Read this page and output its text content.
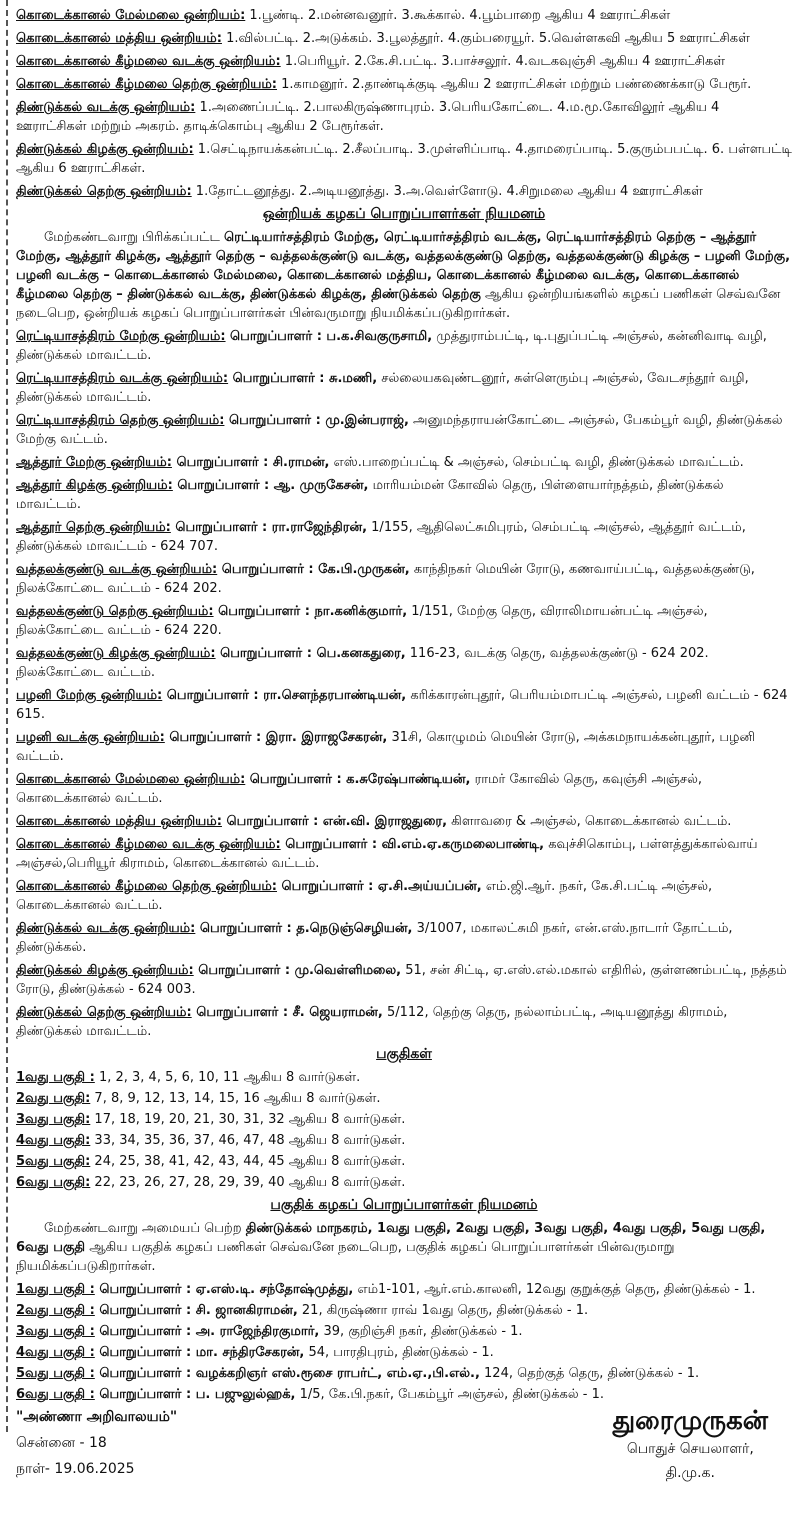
கொடைக்கானல் மேல்மலை ஒன்றியம்: 1.பூண்டி. 2.மன்னவனூர். 3.கூக்கால். 4.பூம்பாறை ஆகிய 4 ஊராட்சிகள்

கொடைக்கானல் மத்திய ஒன்றியம்: 1.வில்பட்டி. 2.அடுக்கம். 3.பூலத்தூர். 4.கும்பரையூர். 5.வெள்ளகவி ஆகிய 5 ஊராட்சிகள்

கொடைக்கானல் கீழ்மலை வடக்கு ஒன்றியம்: 1.பெரியூர். 2.கே.சி.பட்டி. 3.பாச்சலூர். 4.வடகவுஞ்சி ஆகிய 4 ஊராட்சிகள்

கொடைக்கானல் கீழ்மலை தெற்கு ஒன்றியம்: 1.காமனூர். 2.தாண்டிக்குடி ஆகிய 2 ஊராட்சிகள் மற்றும் பண்ணைக்காடு பேரூர்.

திண்டுக்கல் வடக்கு ஒன்றியம்: 1.அணைப்பட்டி. 2.பாலகிருஷ்ணாபுரம். 3.பெரியகோட்டை. 4.ம.மூ.கோவிலூர் ஆகிய 4 ஊராட்சிகள் மற்றும் அகரம். தாடிக்கொம்பு ஆகிய 2 பேரூர்கள்.

திண்டுக்கல் கிழக்கு ஒன்றியம்: 1.செட்டிநாயக்கன்பட்டி. 2.சீலப்பாடி. 3.முள்ளிப்பாடி. 4.தாமரைப்பாடி. 5.குரும்பபட்டி. 6. பள்ளபட்டி ஆகிய 6 ஊராட்சிகள்.

திண்டுக்கல் தெற்கு ஒன்றியம்: 1.தோட்டனூத்து. 2.அடியனூத்து. 3.அ.வெள்ளோடு. 4.சிறுமலை ஆகிய 4 ஊராட்சிகள்

ஒன்றியக் கழகப் பொறுப்பாளர்கள் நியமனம்

மேற்கண்டவாறு பிரிக்கப்பட்ட ரெட்டியார்சத்திரம் மேற்கு, ரெட்டியார்சத்திரம் வடக்கு, ரெட்டியார்சத்திரம் தெற்கு – ஆத்தூர் மேற்கு, ஆத்தூர் கிழக்கு, ஆத்தூர் தெற்கு – வத்தலக்குண்டு வடக்கு, வத்தலக்குண்டு தெற்கு, வத்தலக்குண்டு கிழக்கு – பழனி மேற்கு, பழனி வடக்கு – கொடைக்கானல் மேல்மலை, கொடைக்கானல் மத்திய, கொடைக்கானல் கீழ்மலை வடக்கு, கொடைக்கானல் கீழ்மலை தெற்கு – திண்டுக்கல் வடக்கு, திண்டுக்கல் கிழக்கு, திண்டுக்கல் தெற்கு ஆகிய ஒன்றியங்களில் கழகப் பணிகள் செவ்வனே நடைபெற, ஒன்றியக் கழகப் பொறுப்பாளர்கள் பின்வருமாறு நியமிக்கப்படுகிறார்கள்.

ரெட்டியாசத்திரம் மேற்கு ஒன்றியம்: பொறுப்பாளர் : ப.க.சிவகுருசாமி, முத்துராம்பட்டி, டி.புதுப்பட்டி அஞ்சல், கன்னிவாடி வழி, திண்டுக்கல் மாவட்டம்.

ரெட்டியாசத்திரம் வடக்கு ஒன்றியம்: பொறுப்பாளர் : சு.மணி, சல்லையகவுண்டனூர், சுள்ளெரும்பு அஞ்சல், வேடசந்தூர் வழி, திண்டுக்கல் மாவட்டம்.

ரெட்டியாசத்திரம் தெற்கு ஒன்றியம்: பொறுப்பாளர் : மு.இன்பராஜ், அனுமந்தராயன்கோட்டை அஞ்சல், பேகம்பூர் வழி, திண்டுக்கல் மேற்கு வட்டம்.

ஆத்தூர் மேற்கு ஒன்றியம்: பொறுப்பாளர் : சி.ராமன், எஸ்.பாறைப்பட்டி & அஞ்சல், செம்பட்டி வழி, திண்டுக்கல் மாவட்டம்.

ஆத்தூர் கிழக்கு ஒன்றியம்: பொறுப்பாளர் : ஆ. முருகேசன், மாரியம்மன் கோவில் தெரு, பிள்ளையார்நத்தம், திண்டுக்கல் மாவட்டம்.

ஆத்தூர் தெற்கு ஒன்றியம்: பொறுப்பாளர் : ரா.ராஜேந்திரன், 1/155, ஆதிலெட்சுமிபுரம், செம்பட்டி அஞ்சல், ஆத்தூர் வட்டம், திண்டுக்கல் மாவட்டம் - 624 707.

வத்தலக்குண்டு வடக்கு ஒன்றியம்: பொறுப்பாளர் : கே.பி.முருகன், காந்திநகர் மெயின் ரோடு, கணவாய்பட்டி, வத்தலக்குண்டு, நிலக்கோட்டை வட்டம் - 624 202.

வத்தலக்குண்டு தெற்கு ஒன்றியம்: பொறுப்பாளர் : நா.கனிக்குமார், 1/151, மேற்கு தெரு, விராலிமாயன்பட்டி அஞ்சல், நிலக்கோட்டை வட்டம் - 624 220.

வத்தலக்குண்டு கிழக்கு ஒன்றியம்: பொறுப்பாளர் : பெ.கனகதுரை, 116-23, வடக்கு தெரு, வத்தலக்குண்டு - 624 202. நிலக்கோட்டை வட்டம்.

பழனி மேற்கு ஒன்றியம்: பொறுப்பாளர் : ரா.சௌந்தரபாண்டியன், கரிக்காரன்புதூர், பெரியம்மாபட்டி அஞ்சல், பழனி வட்டம் - 624 615.

பழனி வடக்கு ஒன்றியம்: பொறுப்பாளர் : இரா. இராஜசேகரன், 31சி, கொழுமம் மெயின் ரோடு, அக்கமநாயக்கன்புதூர், பழனி வட்டம்.

கொடைக்கானல் மேல்மலை ஒன்றியம்: பொறுப்பாளர் : க.சுரேஷ்பாண்டியன், ராமர் கோவில் தெரு, கவுஞ்சி அஞ்சல், கொடைக்கானல் வட்டம்.

கொடைக்கானல் மத்திய ஒன்றியம்: பொறுப்பாளர் : என்.வி. இராஜதுரை, கிளாவரை & அஞ்சல், கொடைக்கானல் வட்டம்.

கொடைக்கானல் கீழ்மலை வடக்கு ஒன்றியம்: பொறுப்பாளர் : வி.எம்.ஏ.கருமலைபாண்டி, கவுச்சிகொம்பு, பள்ளத்துக்கால்வாய் அஞ்சல்,பெரியூர் கிராமம், கொடைக்கானல் வட்டம்.

கொடைக்கானல் கீழ்மலை தெற்கு ஒன்றியம்: பொறுப்பாளர் : ஏ.சி.அய்யப்பன், எம்.ஜி.ஆர். நகர், கே.சி.பட்டி அஞ்சல், கொடைக்கானல் வட்டம்.

திண்டுக்கல் வடக்கு ஒன்றியம்: பொறுப்பாளர் : த.நெடுஞ்செழியன், 3/1007, மகாலட்சுமி நகர், என்.எஸ்.நாடார் தோட்டம், திண்டுக்கல்.

திண்டுக்கல் கிழக்கு ஒன்றியம்: பொறுப்பாளர் : மு.வெள்ளிமலை, 51, சன் சிட்டி, ஏ.எஸ்.எல்.மகால் எதிரில், குள்ளணம்பட்டி, நத்தம் ரோடு, திண்டுக்கல் - 624 003.

திண்டுக்கல் தெற்கு ஒன்றியம்: பொறுப்பாளர் : சீ. ஜெயராமன், 5/112, தெற்கு தெரு, நல்லாம்பட்டி, அடியனூத்து கிராமம், திண்டுக்கல் மாவட்டம்.

பகுதிகள்

1வது பகுதி : 1, 2, 3, 4, 5, 6, 10, 11 ஆகிய 8 வார்டுகள்.

2வது பகுதி: 7, 8, 9, 12, 13, 14, 15, 16 ஆகிய 8 வார்டுகள்.

3வது பகுதி: 17, 18, 19, 20, 21, 30, 31, 32 ஆகிய 8 வார்டுகள்.

4வது பகுதி: 33, 34, 35, 36, 37, 46, 47, 48 ஆகிய 8 வார்டுகள்.

5வது பகுதி: 24, 25, 38, 41, 42, 43, 44, 45 ஆகிய 8 வார்டுகள்.

6வது பகுதி: 22, 23, 26, 27, 28, 29, 39, 40 ஆகிய 8 வார்டுகள்.

பகுதிக் கழகப் பொறுப்பாளர்கள் நியமனம்

மேற்கண்டவாறு அமையப் பெற்ற திண்டுக்கல் மாநகரம், 1வது பகுதி, 2வது பகுதி, 3வது பகுதி, 4வது பகுதி, 5வது பகுதி, 6வது பகுதி ஆகிய பகுதிக் கழகப் பணிகள் செவ்வனே நடைபெற, பகுதிக் கழகப் பொறுப்பாளர்கள் பின்வருமாறு நியமிக்கப்படுகிறார்கள்.

1வது பகுதி : பொறுப்பாளர் : ஏ.எஸ்.டி. சந்தோஷ்முத்து, எம்1-101, ஆர்.எம்.காலனி, 12வது குறுக்குத் தெரு, திண்டுக்கல் - 1.

2வது பகுதி : பொறுப்பாளர் : சி. ஜானகிராமன், 21, கிருஷ்ணா ராவ் 1வது தெரு, திண்டுக்கல் - 1.

3வது பகுதி : பொறுப்பாளர் : அ. ராஜேந்திரகுமார், 39, குறிஞ்சி நகர், திண்டுக்கல் - 1.

4வது பகுதி : பொறுப்பாளர் : மா. சந்திரசேகரன், 54, பாரதிபுரம், திண்டுக்கல் - 1.

5வது பகுதி : பொறுப்பாளர் : வழக்கறிஞர் எஸ்.ரூசை ராபர்ட், எம்.ஏ.,பி.எல்., 124, தெற்குத் தெரு, திண்டுக்கல் - 1.

6வது பகுதி : பொறுப்பாளர் : ப. பஜுலுல்ஹக், 1/5, கே.பி.நகர், பேகம்பூர் அஞ்சல், திண்டுக்கல் - 1.

"அண்ணா அறிவாலயம்"
சென்னை - 18
நாள்- 19.06.2025
துரைமுருகன்
பொதுச் செயலாளர்,
தி.மு.க.
